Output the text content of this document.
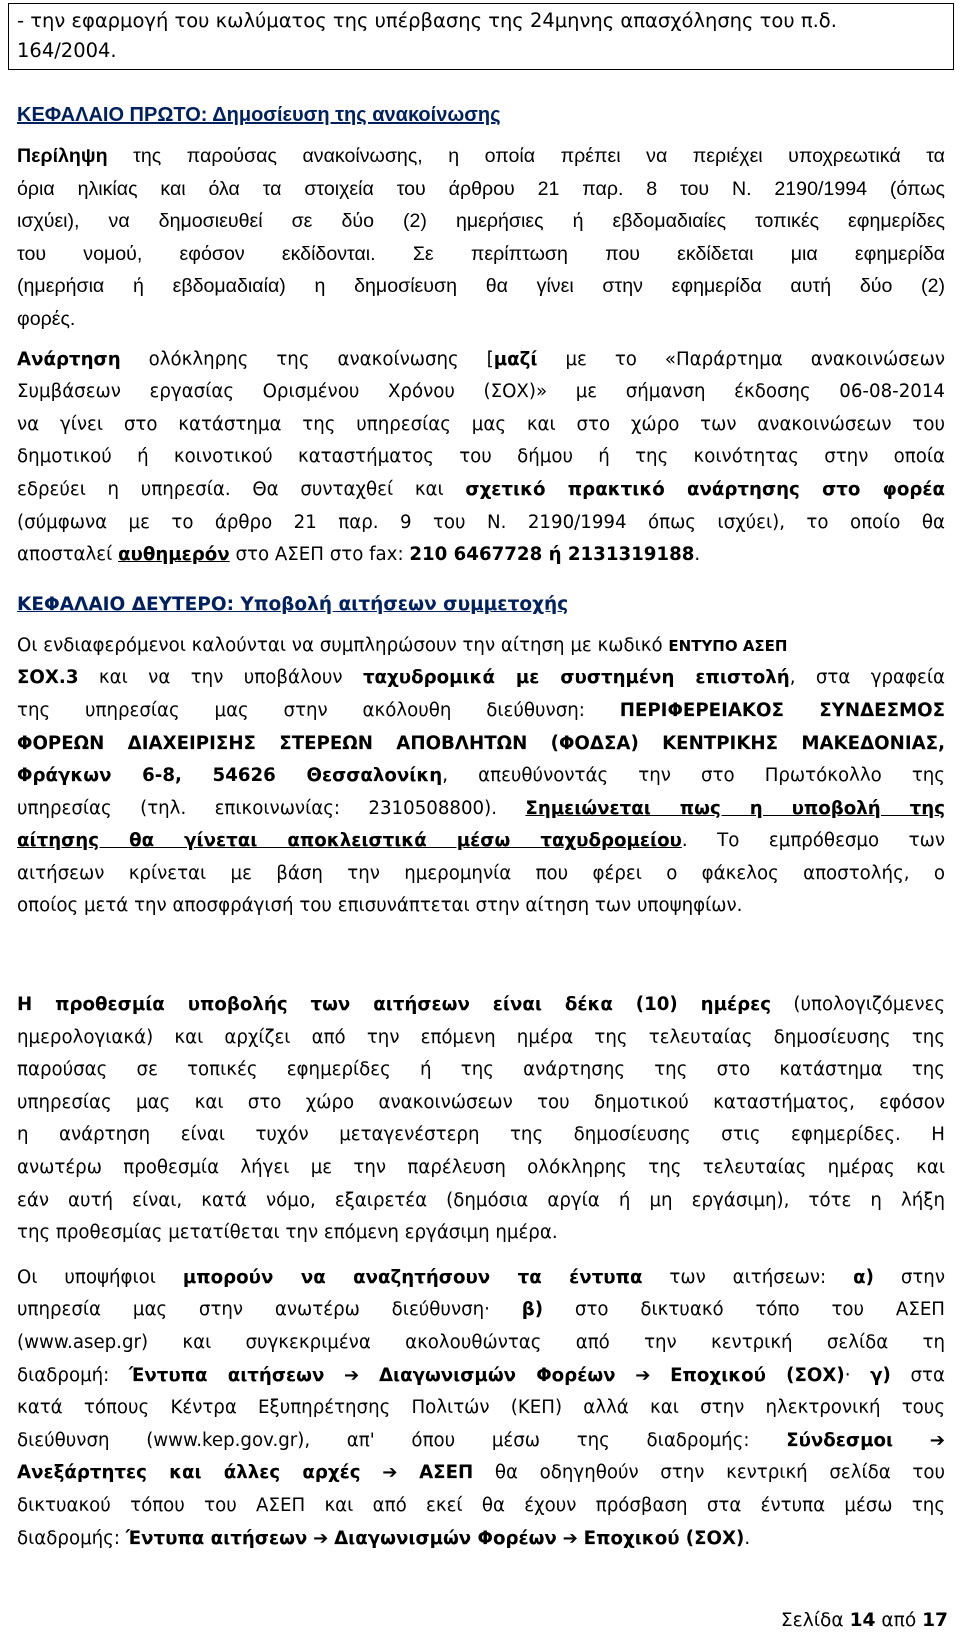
- την εφαρμογή του κωλύματος της υπέρβασης της 24μηνης απασχόλησης του π.δ.
164/2004.

ΚΕΦΑΛΑΙΟ ΠΡΩΤΟ: Δημοσίευση της ανακοίνωσης

Περίληψη της παρούσας ανακοίνωσης, η οποία πρέπει να περιέχει υποχρεωτικά τα
όρια ηλικίας και όλα τα στοιχεία του άρθρου 21 παρ. 8 του Ν. 2190/1994 (όπως
ισχύει), να δημοσιευθεί σε δύο (2) ημερήσιες ή εβδομαδιαίες τοπικές εφημερίδες
του νομού, εφόσον εκδίδονται. Σε περίπτωση που εκδίδεται μια εφημερίδα
(ημερήσια ή εβδομαδιαία) η δημοσίευση θα γίνει στην εφημερίδα αυτή δύο (2)
φορές.

Ανάρτηση ολόκληρης της ανακοίνωσης [μαζί με το «Παράρτημα ανακοινώσεων
Συμβάσεων εργασίας Ορισμένου Χρόνου (ΣΟΧ)» με σήμανση έκδοσης 06-08-2014
να γίνει στο κατάστημα της υπηρεσίας μας και στο χώρο των ανακοινώσεων του
δημοτικού ή κοινοτικού καταστήματος του δήμου ή της κοινότητας στην οποία
εδρεύει η υπηρεσία. Θα συνταχθεί και σχετικό πρακτικό ανάρτησης στο φορέα
(σύμφωνα με το άρθρο 21 παρ. 9 του Ν. 2190/1994 όπως ισχύει), το οποίο θα
αποσταλεί αυθημερόν στο ΑΣΕΠ στο fax: 210 6467728 ή 2131319188.

ΚΕΦΑΛΑΙΟ ΔΕΥΤΕΡΟ: Υποβολή αιτήσεων συμμετοχής

Οι ενδιαφερόμενοι καλούνται να συμπληρώσουν την αίτηση με κωδικό ΕΝΤΥΠΟ ΑΣΕΠ
ΣΟΧ.3 και να την υποβάλουν ταχυδρομικά με συστημένη επιστολή, στα γραφεία
της υπηρεσίας μας στην ακόλουθη διεύθυνση: ΠΕΡΙΦΕΡΕΙΑΚΟΣ ΣΥΝΔΕΣΜΟΣ
ΦΟΡΕΩΝ ΔΙΑΧΕΙΡΙΣΗΣ ΣΤΕΡΕΩΝ ΑΠΟΒΛΗΤΩΝ (ΦΟΔΣΑ) ΚΕΝΤΡΙΚΗΣ ΜΑΚΕΔΟΝΙΑΣ,
Φράγκων 6-8, 54626 Θεσσαλονίκη, απευθύνοντάς την στο Πρωτόκολλο της
υπηρεσίας (τηλ. επικοινωνίας: 2310508800). Σημειώνεται πως η υποβολή της
αίτησης θα γίνεται αποκλειστικά μέσω ταχυδρομείου. Το εμπρόθεσμο των
αιτήσεων κρίνεται με βάση την ημερομηνία που φέρει ο φάκελος αποστολής, ο
οποίος μετά την αποσφράγισή του επισυνάπτεται στην αίτηση των υποψηφίων.

Η προθεσμία υποβολής των αιτήσεων είναι δέκα (10) ημέρες (υπολογιζόμενες
ημερολογιακά) και αρχίζει από την επόμενη ημέρα της τελευταίας δημοσίευσης της
παρούσας σε τοπικές εφημερίδες ή της ανάρτησης της στο κατάστημα της
υπηρεσίας μας και στο χώρο ανακοινώσεων του δημοτικού καταστήματος, εφόσον
η ανάρτηση είναι τυχόν μεταγενέστερη της δημοσίευσης στις εφημερίδες. Η
ανωτέρω προθεσμία λήγει με την παρέλευση ολόκληρης της τελευταίας ημέρας και
εάν αυτή είναι, κατά νόμο, εξαιρετέα (δημόσια αργία ή μη εργάσιμη), τότε η λήξη
της προθεσμίας μετατίθεται την επόμενη εργάσιμη ημέρα.

Οι υποψήφιοι μπορούν να αναζητήσουν τα έντυπα των αιτήσεων: α) στην
υπηρεσία μας στην ανωτέρω διεύθυνση· β) στο δικτυακό τόπο του ΑΣΕΠ
(www.asep.gr) και συγκεκριμένα ακολουθώντας από την κεντρική σελίδα τη
διαδρομή: Έντυπα αιτήσεων ➔ Διαγωνισμών Φορέων ➔ Εποχικού (ΣΟΧ)· γ) στα
κατά τόπους Κέντρα Εξυπηρέτησης Πολιτών (ΚΕΠ) αλλά και στην ηλεκτρονική τους
διεύθυνση (www.kep.gov.gr), απ' όπου μέσω της διαδρομής: Σύνδεσμοι ➔
Ανεξάρτητες και άλλες αρχές ➔ ΑΣΕΠ θα οδηγηθούν στην κεντρική σελίδα του
δικτυακού τόπου του ΑΣΕΠ και από εκεί θα έχουν πρόσβαση στα έντυπα μέσω της
διαδρομής: Έντυπα αιτήσεων ➔ Διαγωνισμών Φορέων ➔ Εποχικού (ΣΟΧ).

Σελίδα 14 από 17
